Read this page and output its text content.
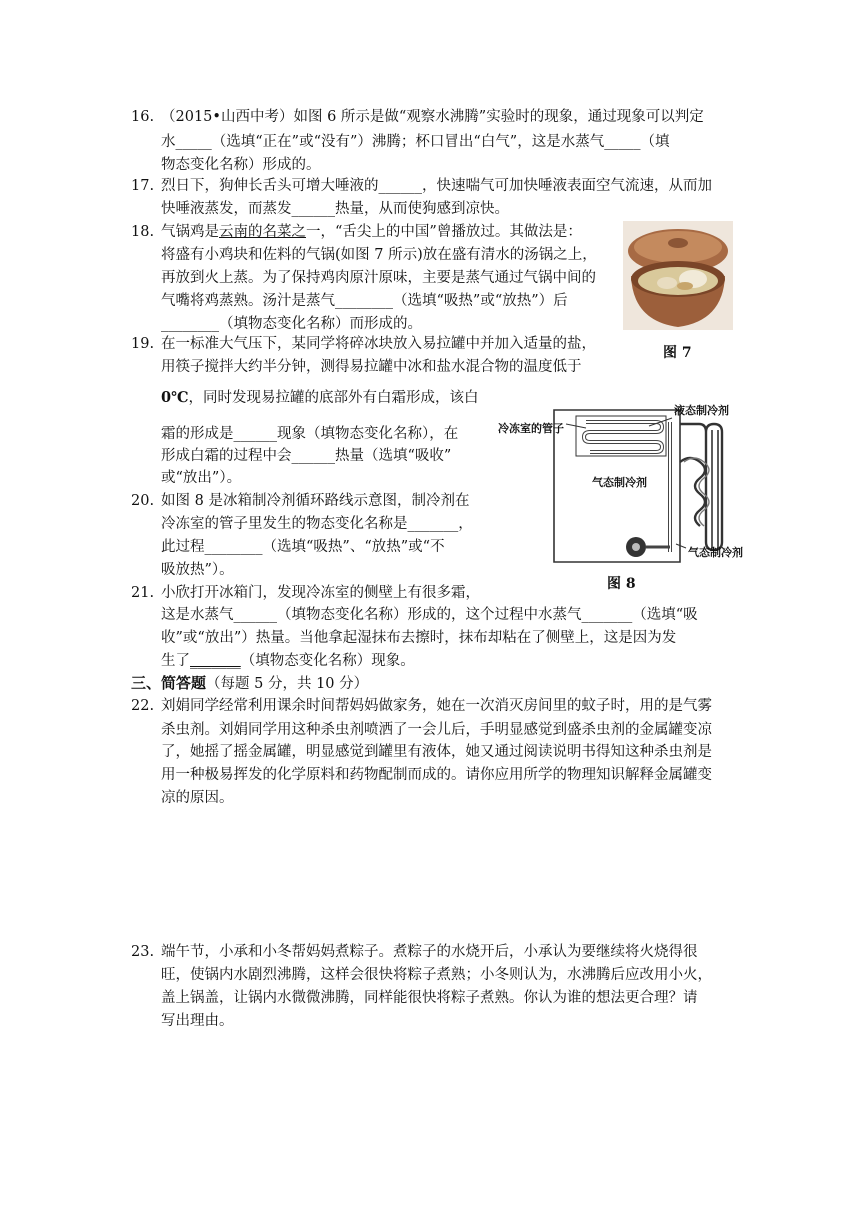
16. （2015•山西中考）如图 6 所示是做“观察水沸腾”实验时的现象，通过现象可以判定
水_____（选填“正在”或“没有”）沸腾；杯口冒出“白气”，这是水蒸气_____（填
物态变化名称）形成的。
17. 烈日下，狗伸长舌头可增大唾液的______，快速喘气可加快唾液表面空气流速，从而加
快唾液蒸发，而蒸发______热量，从而使狗感到凉快。
18. 气锅鸡是云南的名菜之一，“舌尖上的中国”曾播放过。其做法是：
将盛有小鸡块和佐料的气锅(如图 7 所示)放在盛有清水的汤锅之上，
再放到火上蒸。为了保持鸡肉原汁原味，主要是蒸气通过气锅中间的
气嘴将鸡蒸熟。汤汁是蒸气________（选填“吸热”或“放热”）后
________（填物态变化名称）而形成的。
图 7
19. 在一标准大气压下，某同学将碎冰块放入易拉罐中并加入适量的盐，
用筷子搅拌大约半分钟，测得易拉罐中冰和盐水混合物的温度低于
0℃，同时发现易拉罐的底部外有白霜形成，该白
霜的形成是______现象（填物态变化名称），在
形成白霜的过程中会______热量（选填“吸收”
或“放出”）。
20. 如图 8 是冰箱制冷剂循环路线示意图，制冷剂在
冷冻室的管子里发生的物态变化名称是_______，
此过程________（选填“吸热”、“放热”或“不
吸放热”）。
冷冻室的管子
液态制冷剂
气态制冷剂
气态制冷剂
图 8
21. 小欣打开冰箱门，发现冷冻室的侧壁上有很多霜，
这是水蒸气______（填物态变化名称）形成的，这个过程中水蒸气_______（选填“吸
收”或“放出”）热量。当他拿起湿抹布去擦时，抹布却粘在了侧壁上，这是因为发
生了_______（填物态变化名称）现象。
三、简答题（每题 5 分，共 10 分）
22. 刘娟同学经常利用课余时间帮妈妈做家务，她在一次消灭房间里的蚊子时，用的是气雾
杀虫剂。刘娟同学用这种杀虫剂喷洒了一会儿后，手明显感觉到盛杀虫剂的金属罐变凉
了，她摇了摇金属罐，明显感觉到罐里有液体，她又通过阅读说明书得知这种杀虫剂是
用一种极易挥发的化学原料和药物配制而成的。请你应用所学的物理知识解释金属罐变
凉的原因。
23. 端午节，小承和小冬帮妈妈煮粽子。煮粽子的水烧开后，小承认为要继续将火烧得很
旺，使锅内水剧烈沸腾，这样会很快将粽子煮熟；小冬则认为，水沸腾后应改用小火，
盖上锅盖，让锅内水微微沸腾，同样能很快将粽子煮熟。你认为谁的想法更合理？请
写出理由。
